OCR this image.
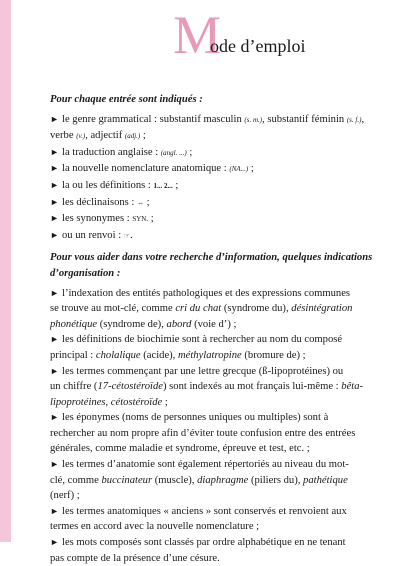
M
ode d’emploi

Pour chaque entrée sont indiqués :

► le genre grammatical : substantif masculin (s. m.), substantif féminin (s. f.),
verbe (v.), adjectif (adj.) ;
► la traduction anglaise : (angl. ...) ;
► la nouvelle nomenclature anatomique : (NA...) ;
► la ou les définitions : 1... 2... ;
► les déclinaisons : ⇔ ;
► les synonymes : SYN. ;
► ou un renvoi : ☞.

Pour vous aider dans votre recherche d’information, quelques indications d’organisation :

► l’indexation des entités pathologiques et des expressions communes
se trouve au mot-clé, comme cri du chat (syndrome du), désintégration
phonétique (syndrome de), abord (voie d’) ;
► les définitions de biochimie sont à rechercher au nom du composé
principal : cholalique (acide), méthylatropine (bromure de) ;
► les termes commençant par une lettre grecque (ß-lipoprotéines) ou
un chiffre (17-cétostéroïde) sont indexés au mot français lui-même : bêta-
lipoprotéines, cétostéroïde ;
► les éponymes (noms de personnes uniques ou multiples) sont à
rechercher au nom propre afin d’éviter toute confusion entre des entrées
générales, comme maladie et syndrome, épreuve et test, etc. ;
► les termes d’anatomie sont également répertoriés au niveau du mot-
clé, comme buccinateur (muscle), diaphragme (piliers du), pathétique
(nerf) ;
► les termes anatomiques « anciens » sont conservés et renvoient aux
termes en accord avec la nouvelle nomenclature ;
► les mots composés sont classés par ordre alphabétique en ne tenant
pas compte de la présence d’une césure.
